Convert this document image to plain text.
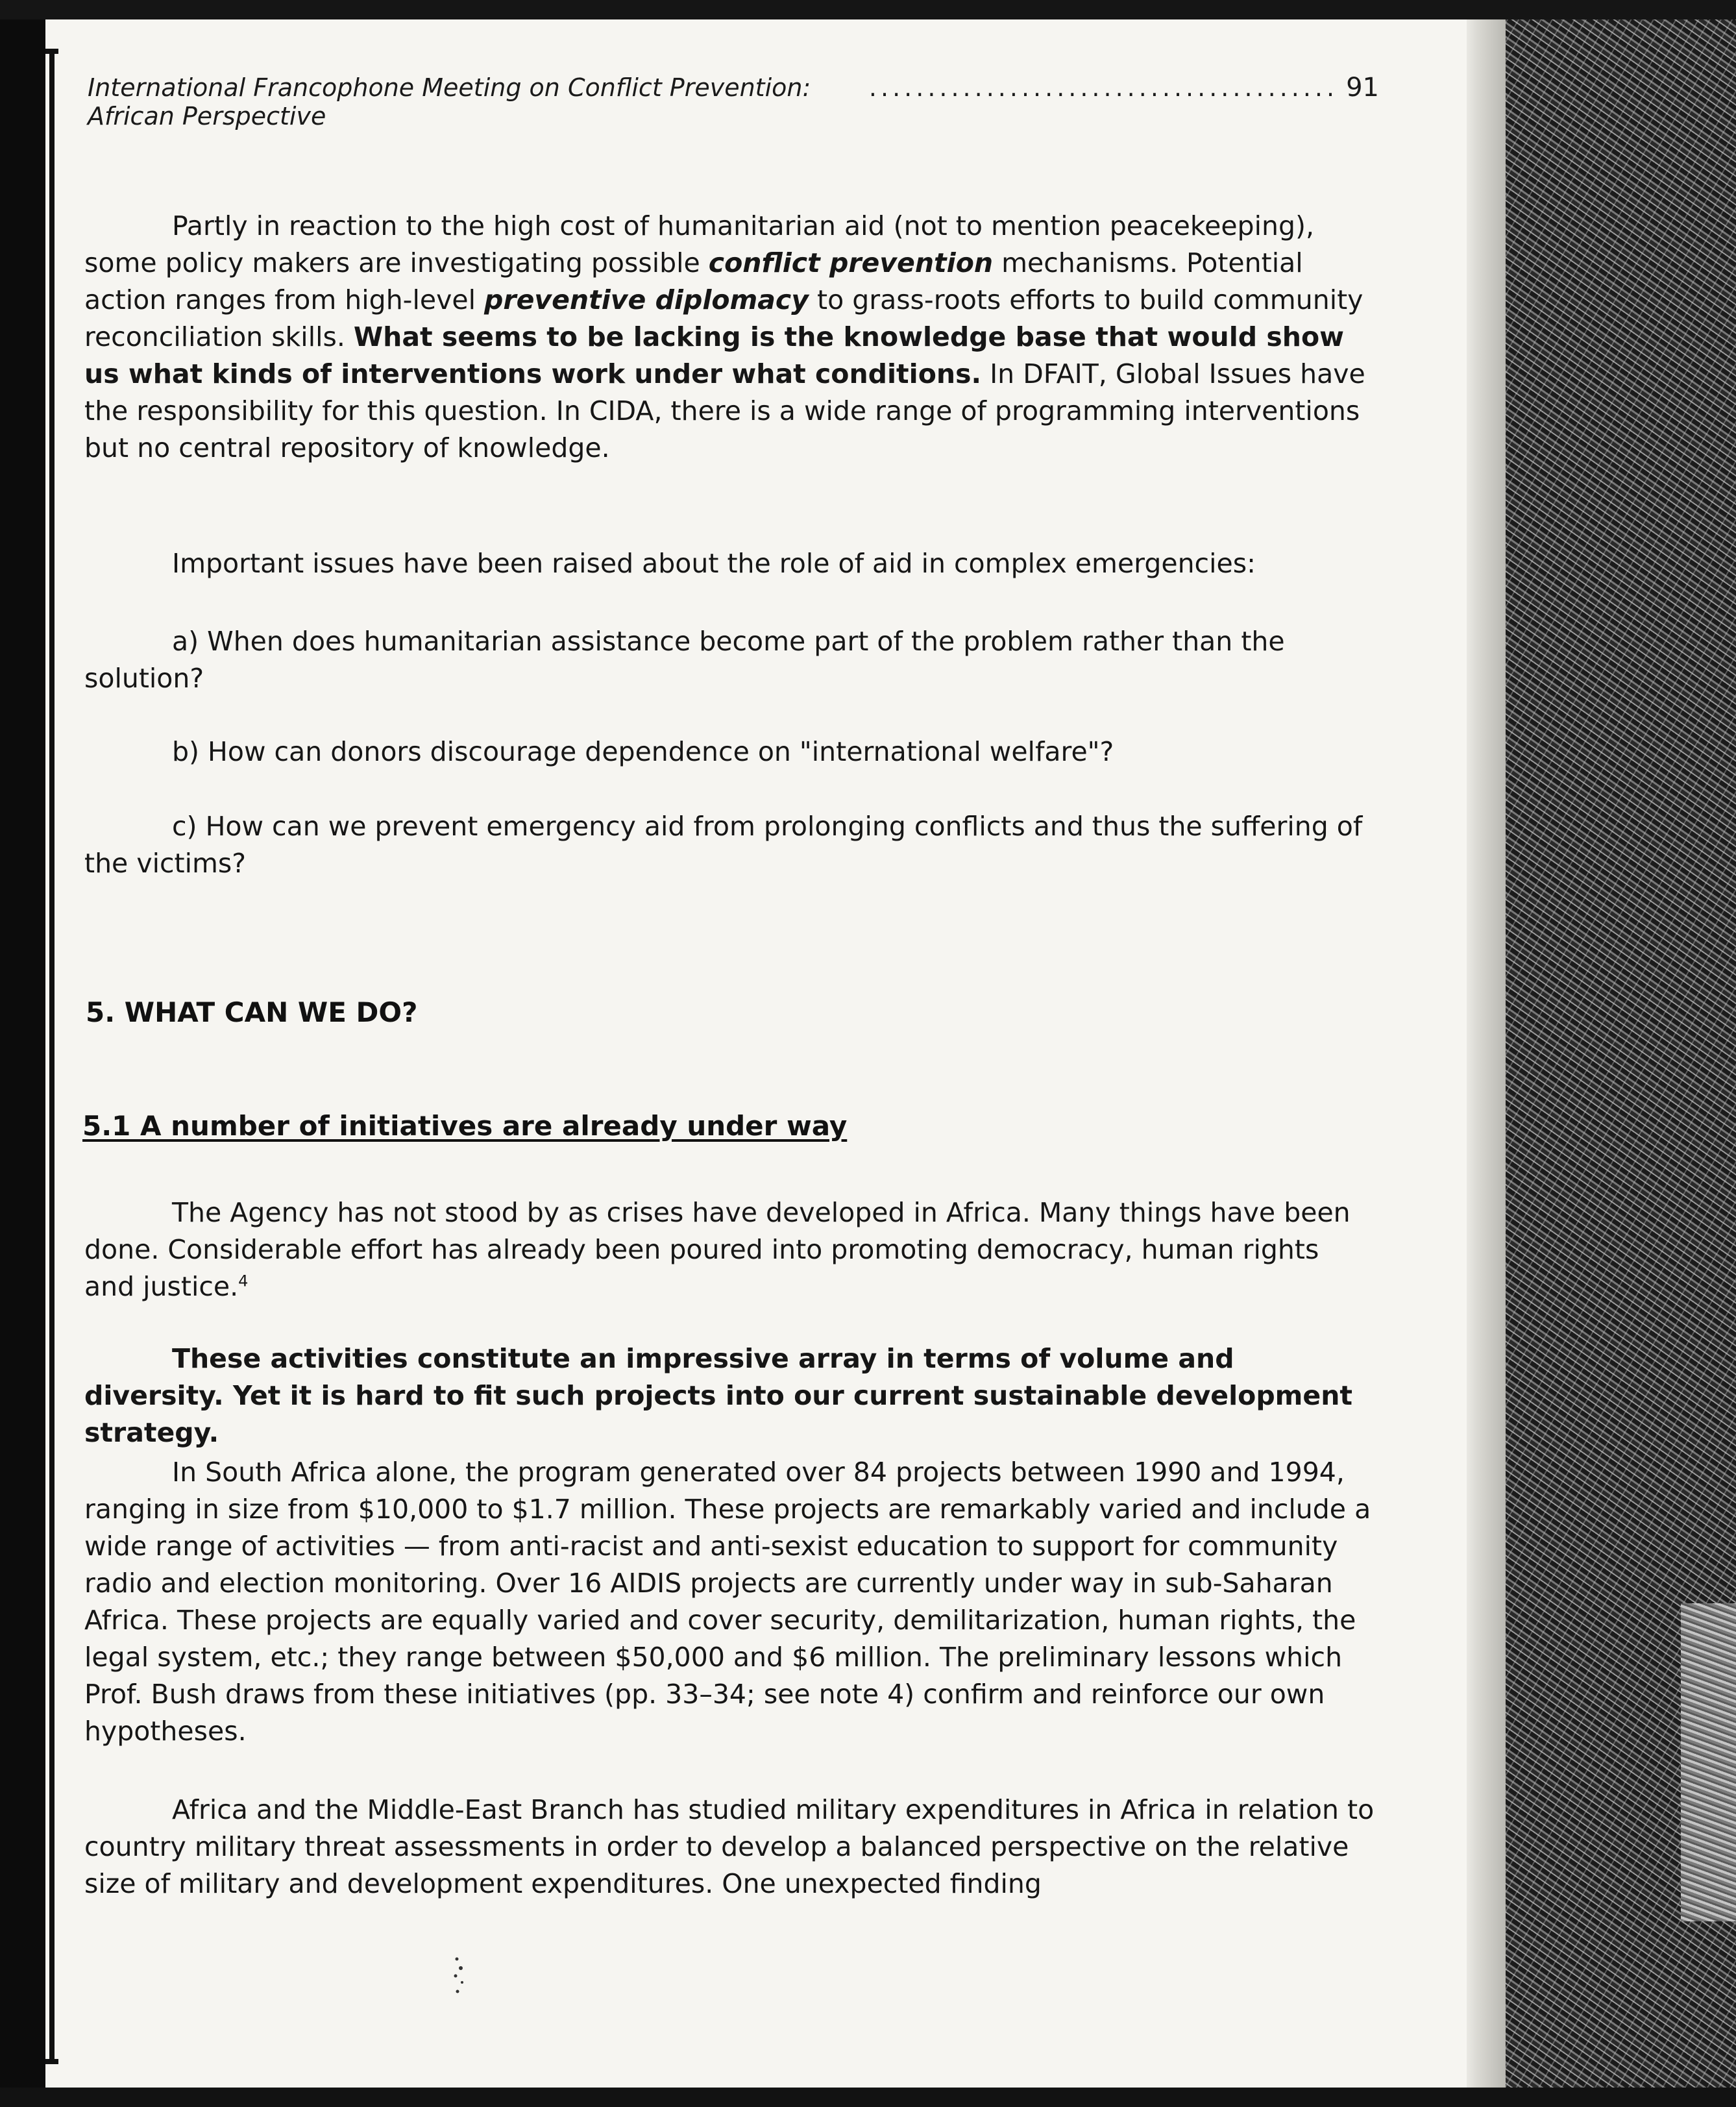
International Francophone Meeting on Conflict Prevention: African Perspective
........................................ 91

Partly in reaction to the high cost of humanitarian aid (not to mention peacekeeping), some policy makers are investigating possible conflict prevention mechanisms. Potential action ranges from high-level preventive diplomacy to grass-roots efforts to build community reconciliation skills. What seems to be lacking is the knowledge base that would show us what kinds of interventions work under what conditions. In DFAIT, Global Issues have the responsibility for this question. In CIDA, there is a wide range of programming interventions but no central repository of knowledge.

Important issues have been raised about the role of aid in complex emergencies:

a) When does humanitarian assistance become part of the problem rather than the solution?

b) How can donors discourage dependence on "international welfare"?

c) How can we prevent emergency aid from prolonging conflicts and thus the suffering of the victims?

5. WHAT CAN WE DO?
5.1 A number of initiatives are already under way

The Agency has not stood by as crises have developed in Africa. Many things have been done. Considerable effort has already been poured into promoting democracy, human rights and justice.$^4$

These activities constitute an impressive array in terms of volume and diversity. Yet it is hard to fit such projects into our current sustainable development strategy.

In South Africa alone, the program generated over 84 projects between 1990 and 1994, ranging in size from $10,000 to $1.7 million. These projects are remarkably varied and include a wide range of activities — from anti-racist and anti-sexist education to support for community radio and election monitoring. Over 16 AIDIS projects are currently under way in sub-Saharan Africa. These projects are equally varied and cover security, demilitarization, human rights, the legal system, etc.; they range between $50,000 and $6 million. The preliminary lessons which Prof. Bush draws from these initiatives (pp. 33–34; see note 4) confirm and reinforce our own hypotheses.

Africa and the Middle-East Branch has studied military expenditures in Africa in relation to country military threat assessments in order to develop a balanced perspective on the relative size of military and development expenditures. One unexpected finding
